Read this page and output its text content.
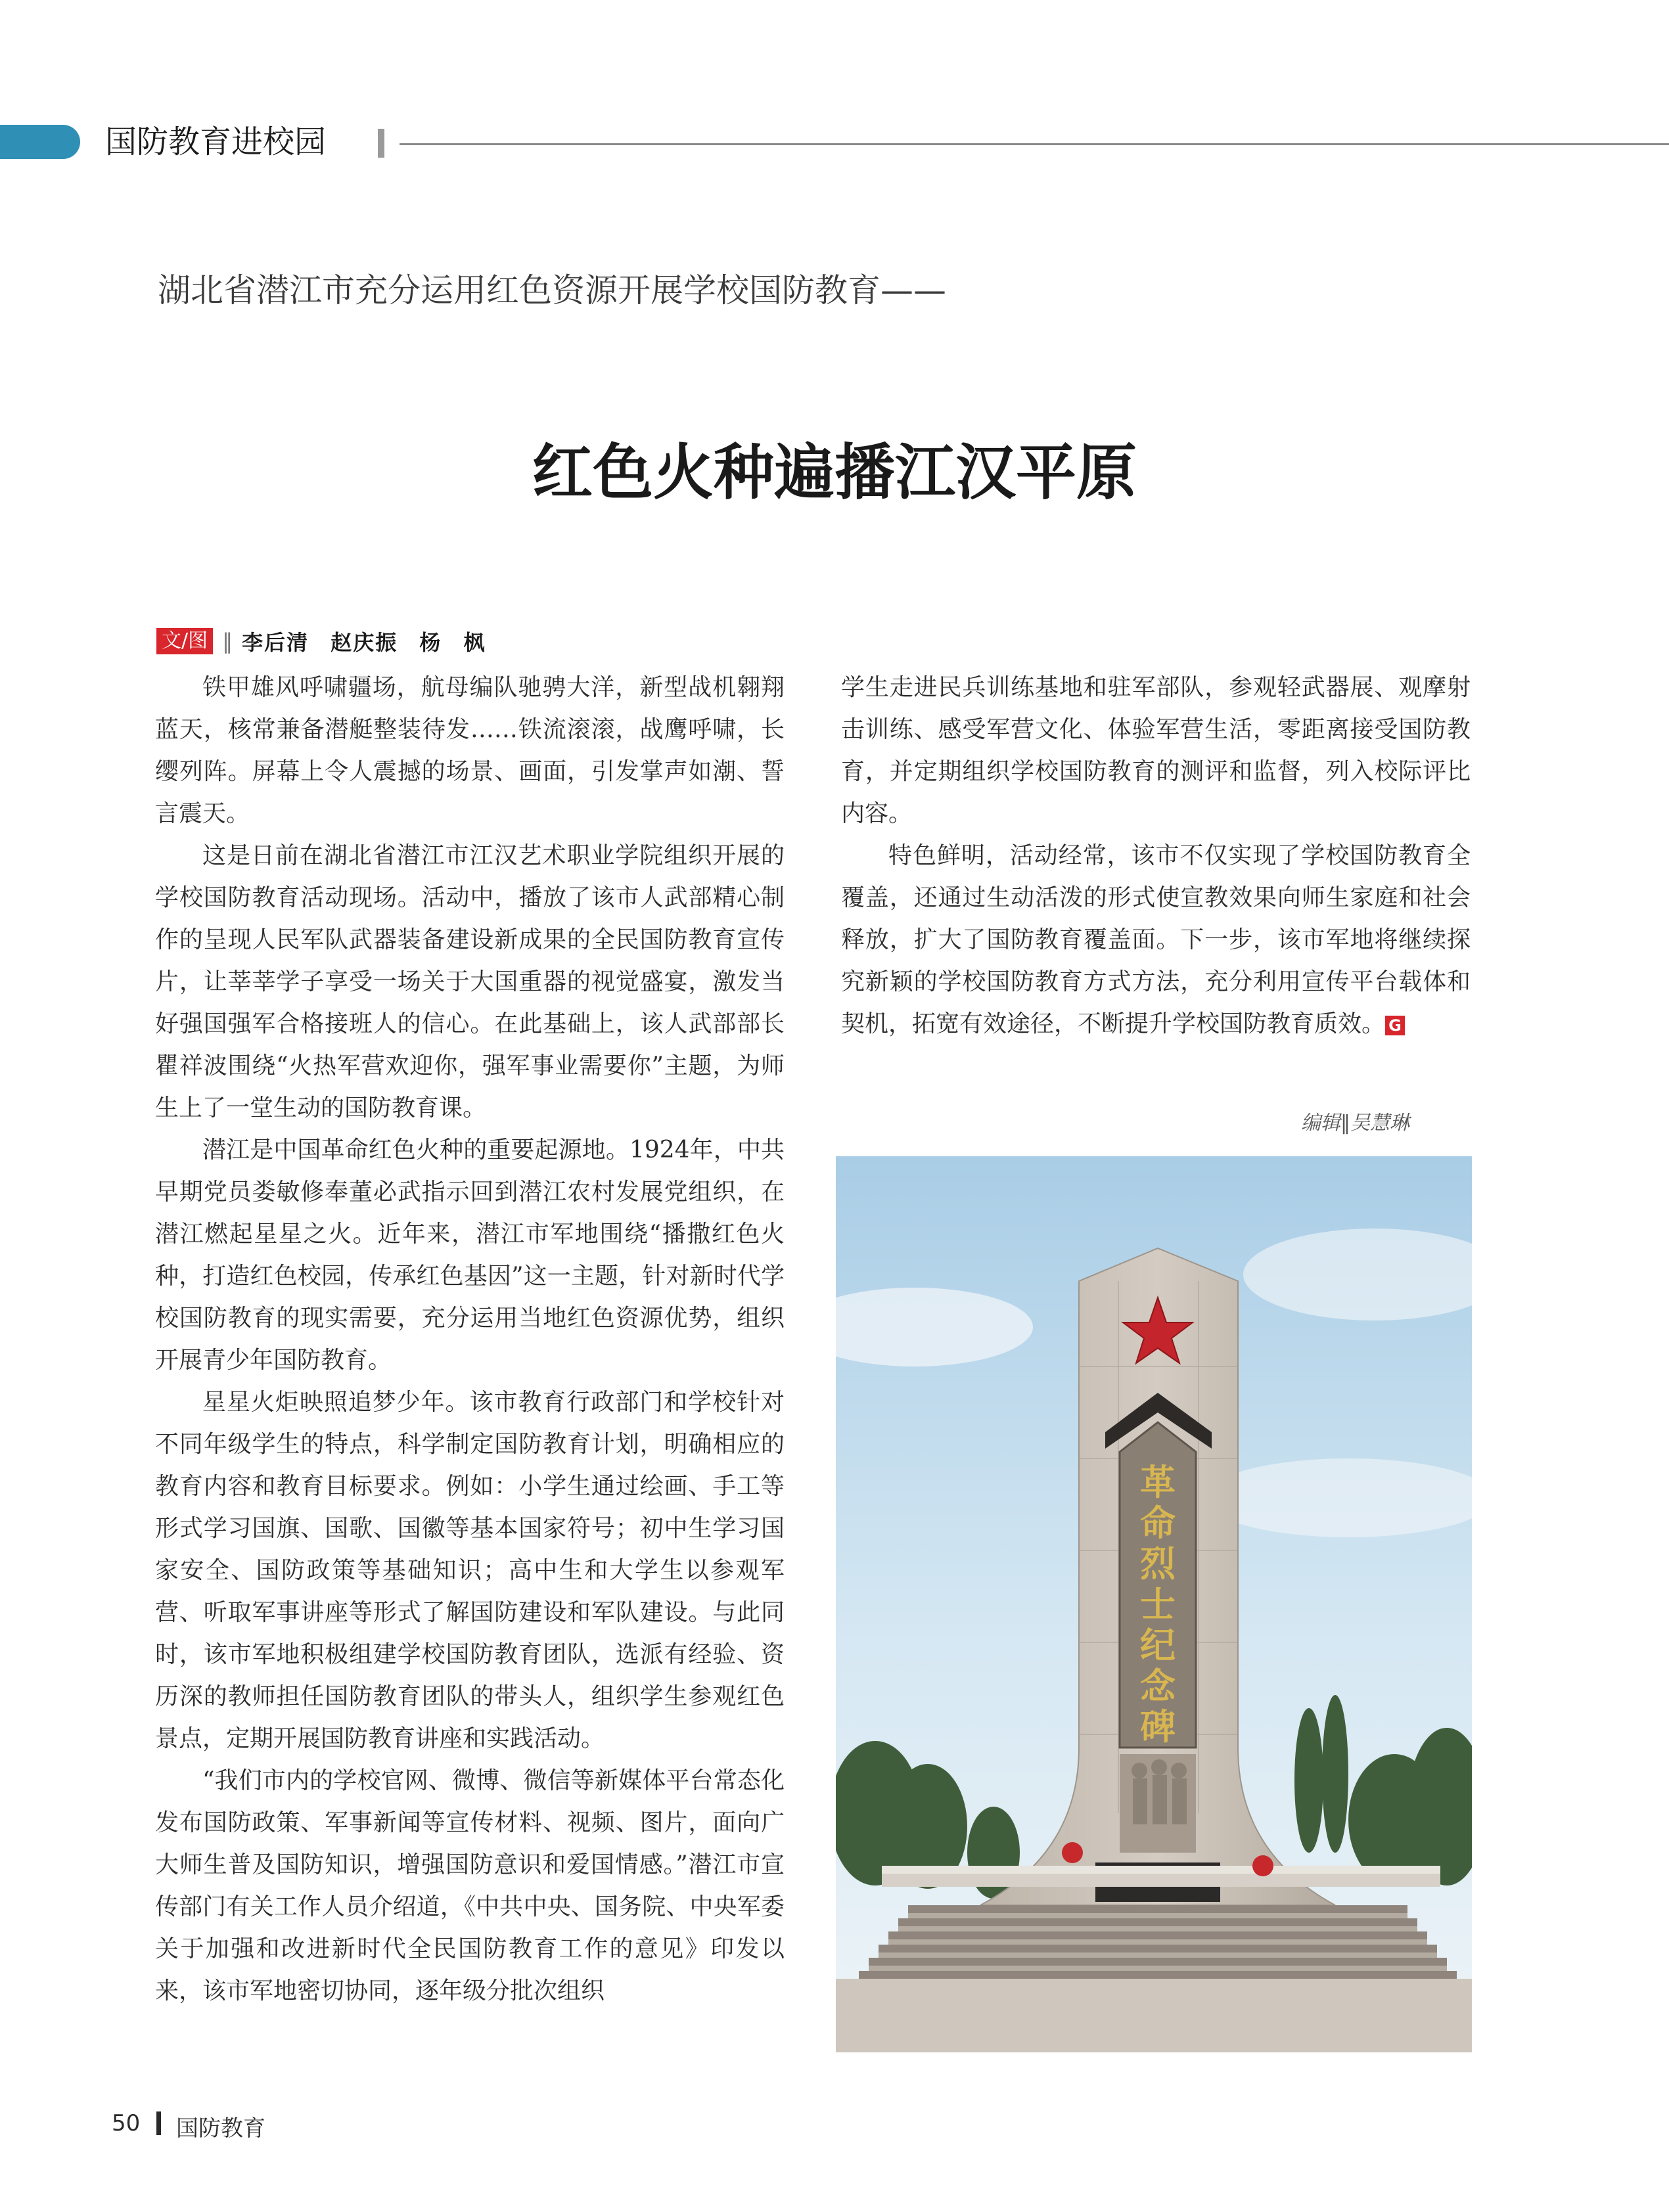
国防教育进校园
湖北省潜江市充分运用红色资源开展学校国防教育——
红色火种遍播江汉平原
文/图 ‖ 李后清 赵庆振 杨 枫

铁甲雄风呼啸疆场，航母编队驰骋大洋，新型战机翱翔蓝天，核常兼备潜艇整装待发……铁流滚滚，战鹰呼啸，长缨列阵。屏幕上令人震撼的场景、画面，引发掌声如潮、誓言震天。

这是日前在湖北省潜江市江汉艺术职业学院组织开展的学校国防教育活动现场。活动中，播放了该市人武部精心制作的呈现人民军队武器装备建设新成果的全民国防教育宣传片，让莘莘学子享受一场关于大国重器的视觉盛宴，激发当好强国强军合格接班人的信心。在此基础上，该人武部部长瞿祥波围绕“火热军营欢迎你，强军事业需要你”主题，为师生上了一堂生动的国防教育课。

潜江是中国革命红色火种的重要起源地。1924年，中共早期党员娄敏修奉董必武指示回到潜江农村发展党组织，在潜江燃起星星之火。近年来，潜江市军地围绕“播撒红色火种，打造红色校园，传承红色基因”这一主题，针对新时代学校国防教育的现实需要，充分运用当地红色资源优势，组织开展青少年国防教育。

星星火炬映照追梦少年。该市教育行政部门和学校针对不同年级学生的特点，科学制定国防教育计划，明确相应的教育内容和教育目标要求。例如：小学生通过绘画、手工等形式学习国旗、国歌、国徽等基本国家符号；初中生学习国家安全、国防政策等基础知识；高中生和大学生以参观军营、听取军事讲座等形式了解国防建设和军队建设。与此同时，该市军地积极组建学校国防教育团队，选派有经验、资历深的教师担任国防教育团队的带头人，组织学生参观红色景点，定期开展国防教育讲座和实践活动。

“我们市内的学校官网、微博、微信等新媒体平台常态化发布国防政策、军事新闻等宣传材料、视频、图片，面向广大师生普及国防知识，增强国防意识和爱国情感。”潜江市宣传部门有关工作人员介绍道，《中共中央、国务院、中央军委关于加强和改进新时代全民国防教育工作的意见》印发以来，该市军地密切协同，逐年级分批次组织

学生走进民兵训练基地和驻军部队，参观轻武器展、观摩射击训练、感受军营文化、体验军营生活，零距离接受国防教育，并定期组织学校国防教育的测评和监督，列入校际评比内容。

特色鲜明，活动经常，该市不仅实现了学校国防教育全覆盖，还通过生动活泼的形式使宣教效果向师生家庭和社会释放，扩大了国防教育覆盖面。下一步，该市军地将继续探究新颖的学校国防教育方式方法，充分利用宣传平台载体和契机，拓宽有效途径，不断提升学校国防教育质效。 G

编辑‖吴慧琳
革命烈士纪念碑
50 国防教育
